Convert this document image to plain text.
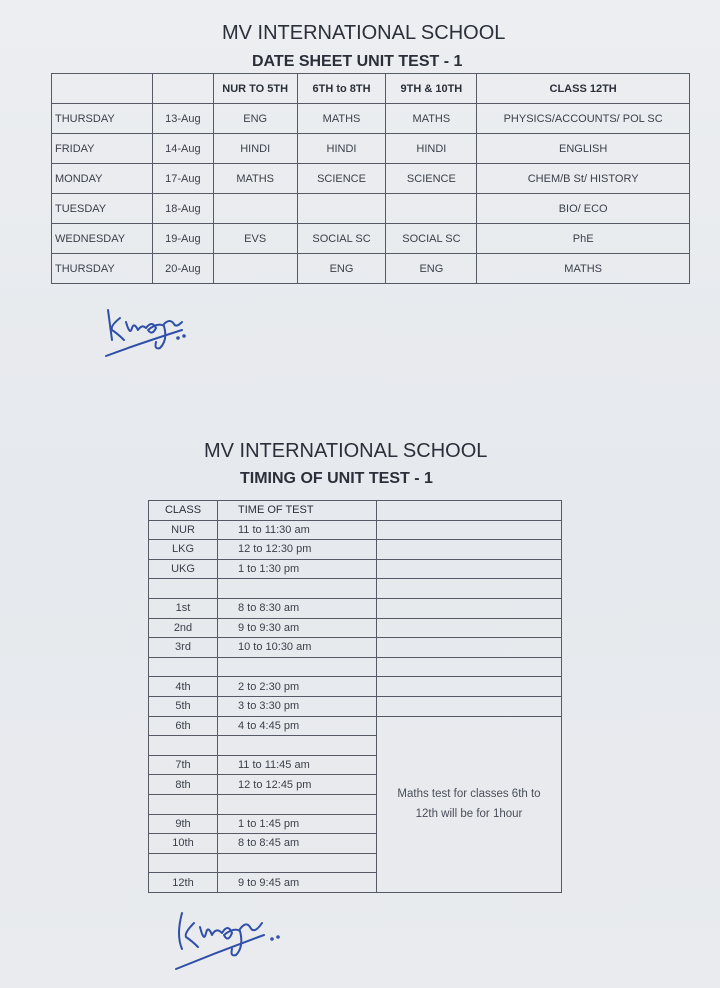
MV INTERNATIONAL SCHOOL
DATE SHEET UNIT TEST - 1
		NUR TO 5TH	6TH to 8TH	9TH & 10TH	CLASS 12TH
THURSDAY	13-Aug	ENG	MATHS	MATHS	PHYSICS/ACCOUNTS/ POL SC
FRIDAY	14-Aug	HINDI	HINDI	HINDI	ENGLISH
MONDAY	17-Aug	MATHS	SCIENCE	SCIENCE	CHEM/B St/ HISTORY
TUESDAY	18-Aug				BIO/ ECO
WEDNESDAY	19-Aug	EVS	SOCIAL SC	SOCIAL SC	PhE
THURSDAY	20-Aug		ENG	ENG	MATHS
MV INTERNATIONAL SCHOOL
TIMING OF UNIT TEST - 1
CLASS	TIME OF TEST	
NUR	11 to 11:30 am	
LKG	12 to 12:30 pm	
UKG	1 to 1:30 pm	

1st	8 to 8:30 am	
2nd	9 to 9:30 am	
3rd	10 to 10:30 am	

4th	2 to 2:30 pm	
5th	3 to 3:30 pm	
6th	4 to 4:45 pm	Maths test for classes 6th to 12th will be for 1hour

7th	11 to 11:45 am	
8th	12 to 12:45 pm	

9th	1 to 1:45 pm	
10th	8 to 8:45 am	

12th	9 to 9:45 am	
